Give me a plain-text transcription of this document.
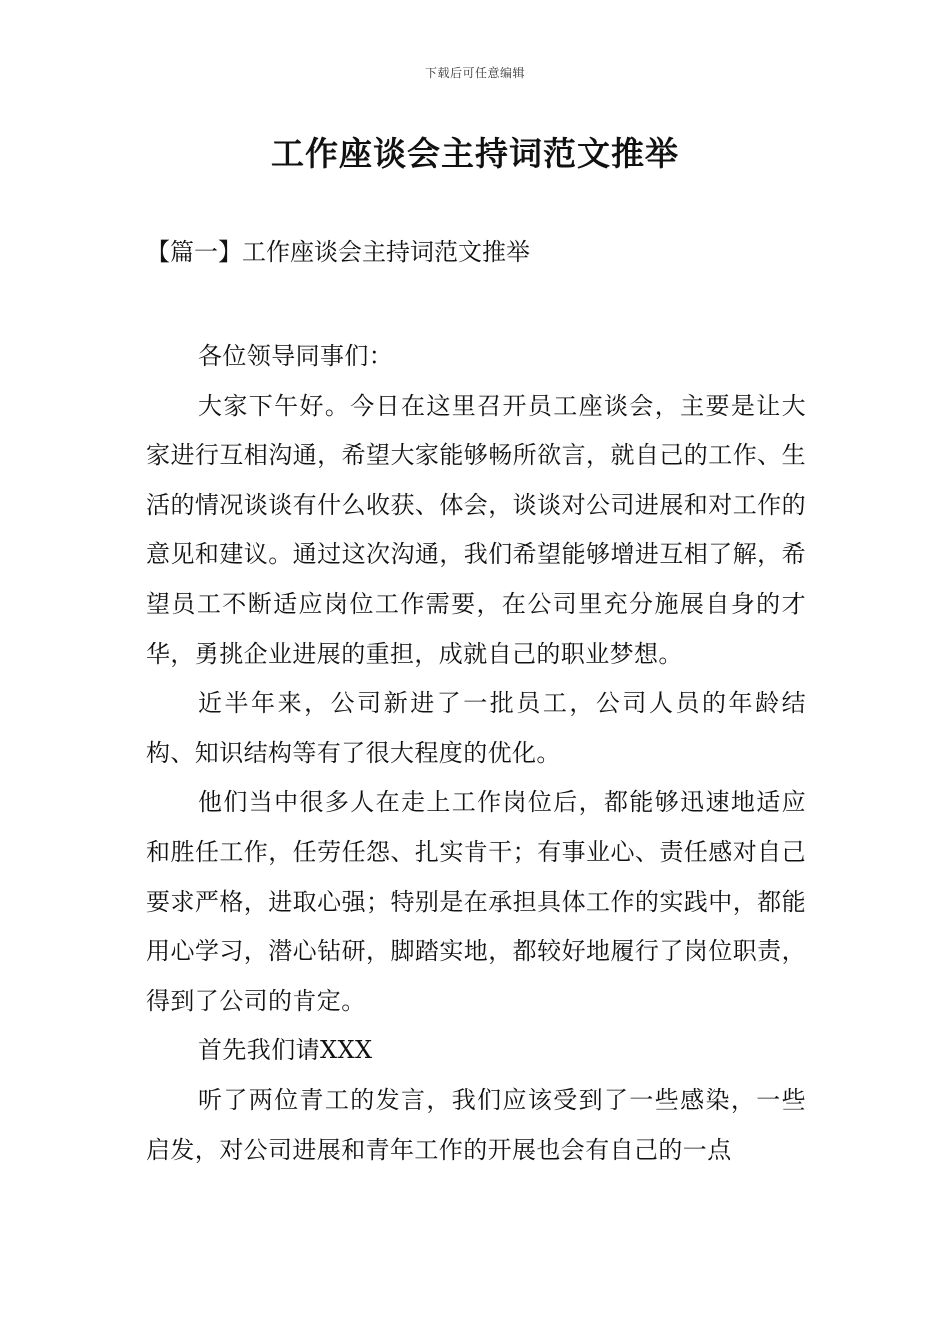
下载后可任意编辑
工作座谈会主持词范文推举
【篇一】工作座谈会主持词范文推举

各位领导同事们：

大家下午好。今日在这里召开员工座谈会，主要是让大家进行互相沟通，希望大家能够畅所欲言，就自己的工作、生活的情况谈谈有什么收获、体会，谈谈对公司进展和对工作的意见和建议。通过这次沟通，我们希望能够增进互相了解，希望员工不断适应岗位工作需要，在公司里充分施展自身的才华，勇挑企业进展的重担，成就自己的职业梦想。

近半年来，公司新进了一批员工，公司人员的年龄结构、知识结构等有了很大程度的优化。

他们当中很多人在走上工作岗位后，都能够迅速地适应和胜任工作，任劳任怨、扎实肯干；有事业心、责任感对自己要求严格，进取心强；特别是在承担具体工作的实践中，都能用心学习，潜心钻研，脚踏实地，都较好地履行了岗位职责，得到了公司的肯定。

首先我们请XXX

听了两位青工的发言，我们应该受到了一些感染，一些启发，对公司进展和青年工作的开展也会有自己的一点
